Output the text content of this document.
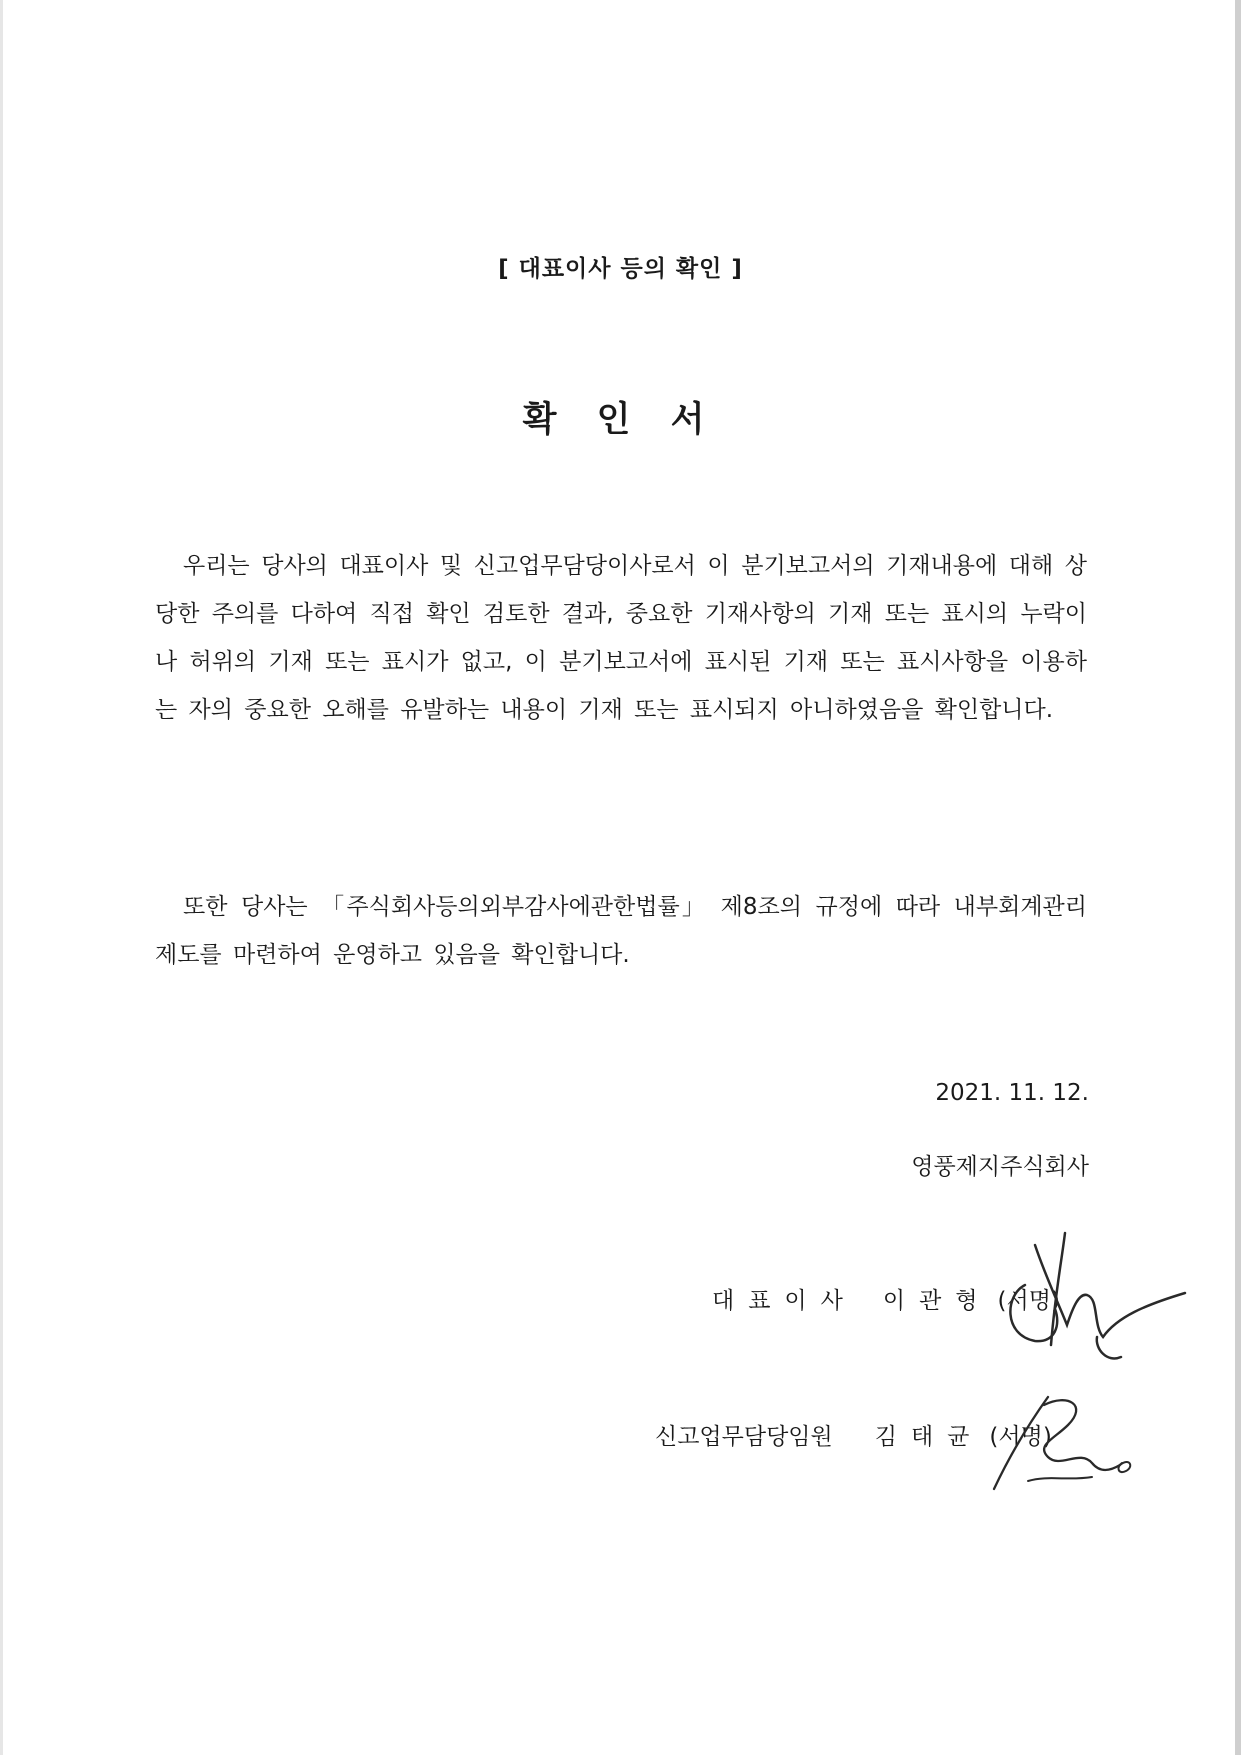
[ 대표이사 등의 확인 ]
확 인 서
우리는 당사의 대표이사 및 신고업무담당이사로서 이 분기보고서의 기재내용에 대해 상당한 주의를 다하여 직접 확인 검토한 결과, 중요한 기재사항의 기재 또는 표시의 누락이나 허위의 기재 또는 표시가 없고, 이 분기보고서에 표시된 기재 또는 표시사항을 이용하는 자의 중요한 오해를 유발하는 내용이 기재 또는 표시되지 아니하였음을 확인합니다.
또한 당사는 「주식회사등의외부감사에관한법률」 제8조의 규정에 따라 내부회계관리제도를 마련하여 운영하고 있음을 확인합니다.
2021. 11. 12.
영풍제지주식회사
대표이사 이관형 (서명)
신고업무담당임원 김태균 (서명)
